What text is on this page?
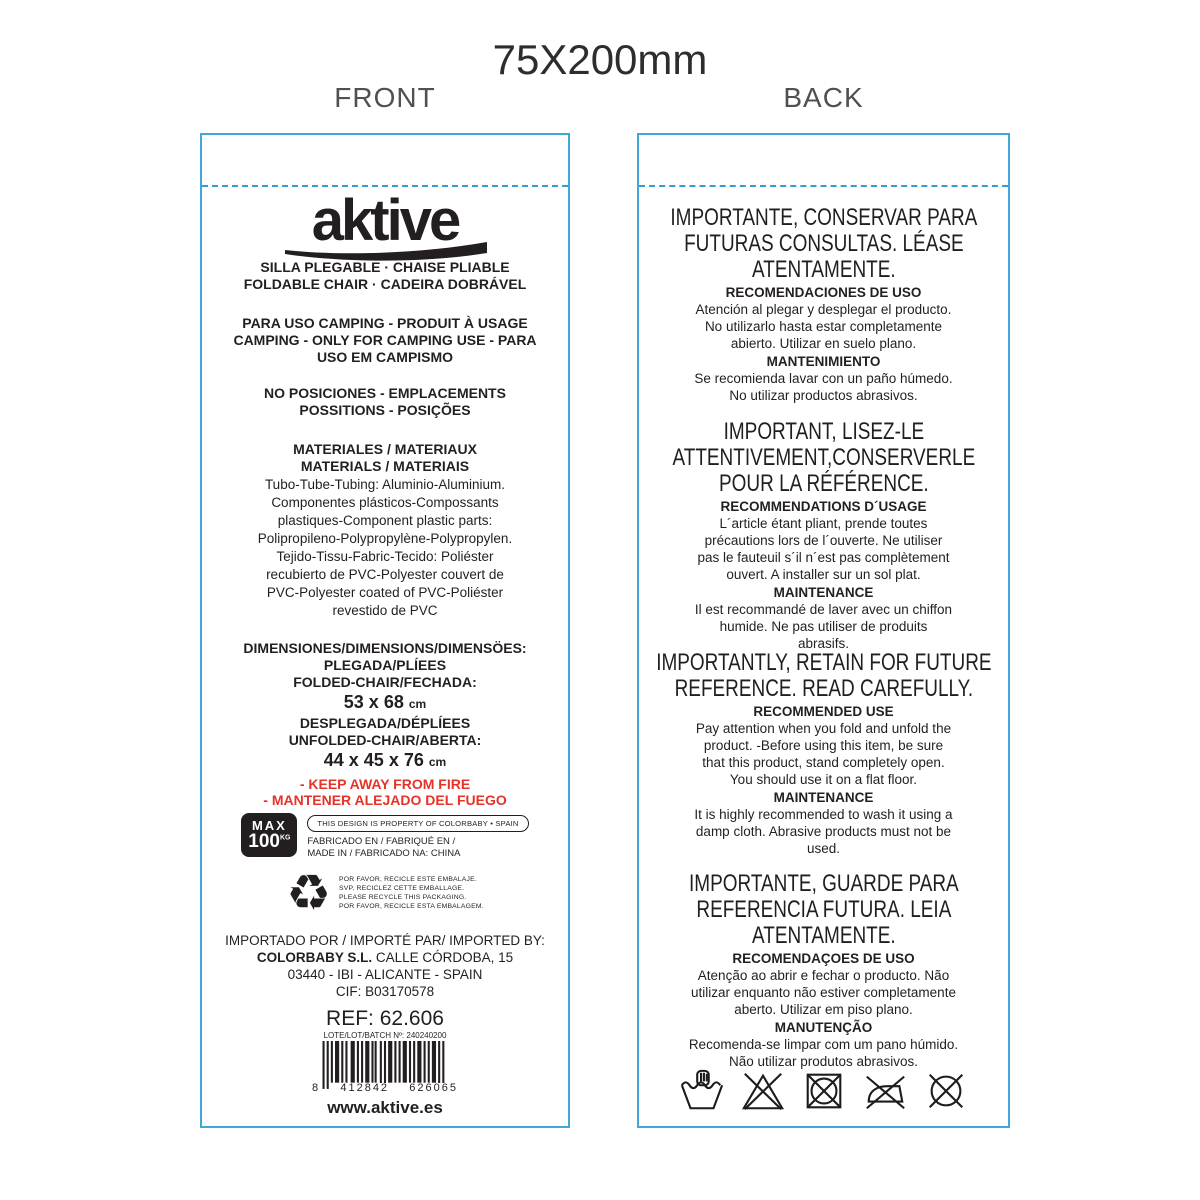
75X200mm
FRONT	BACK
aktive
SILLA PLEGABLE · CHAISE PLIABLE
FOLDABLE CHAIR · CADEIRA DOBRÁVEL
PARA USO CAMPING - PRODUIT À USAGE
CAMPING - ONLY FOR CAMPING USE - PARA
USO EM CAMPISMO
NO POSICIONES - EMPLACEMENTS
POSSITIONS - POSIÇÕES
MATERIALES / MATERIAUX
MATERIALS / MATERIAIS
Tubo-Tube-Tubing: Aluminio-Aluminium.
Componentes plásticos-Compossants
plastiques-Component plastic parts:
Polipropileno-Polypropylène-Polypropylen.
Tejido-Tissu-Fabric-Tecido: Poliéster
recubierto de PVC-Polyester couvert de
PVC-Polyester coated of PVC-Poliéster
revestido de PVC
DIMENSIONES/DIMENSIONS/DIMENSÖES:
PLEGADA/PLÍEES
FOLDED-CHAIR/FECHADA:
53 x 68 cm
DESPLEGADA/DÉPLÍEES
UNFOLDED-CHAIR/ABERTA:
44 x 45 x 76 cm
- KEEP AWAY FROM FIRE
- MANTENER ALEJADO DEL FUEGO
MAX
$100^{KG}$
THIS DESIGN IS PROPERTY OF COLORBABY • SPAIN
FABRICADO EN / FABRIQUÉ EN /
MADE IN / FABRICADO NA: CHINA
♻ POR FAVOR, RECICLE ESTE EMBALAJE.
SVP, RECICLEZ CETTE EMBALLAGE.
PLEASE RECYCLE THIS PACKAGING.
POR FAVOR, RECICLE ESTA EMBALAGEM.
IMPORTADO POR / IMPORTÉ PAR/ IMPORTED BY:
COLORBABY S.L. CALLE CÓRDOBA, 15
03440 - IBI - ALICANTE - SPAIN
CIF: B03170578
REF: 62.606
LOTE/LOT/BATCH Nº: 240240200
8 412842 626065
www.aktive.es
IMPORTANTE, CONSERVAR PARA
FUTURAS CONSULTAS. LÉASE
ATENTAMENTE.
RECOMENDACIONES DE USO
Atención al plegar y desplegar el producto.
No utilizarlo hasta estar completamente
abierto. Utilizar en suelo plano.
MANTENIMIENTO
Se recomienda lavar con un paño húmedo.
No utilizar productos abrasivos.
IMPORTANT, LISEZ-LE
ATTENTIVEMENT,CONSERVERLE
POUR LA RÉFÉRENCE.
RECOMMENDATIONS D´USAGE
L´article étant pliant, prende toutes
précautions lors de l´ouverte. Ne utiliser
pas le fauteuil s´il n´est pas complètement
ouvert. A installer sur un sol plat.
MAINTENANCE
Il est recommandé de laver avec un chiffon
humide. Ne pas utiliser de produits
abrasifs.
IMPORTANTLY, RETAIN FOR FUTURE
REFERENCE. READ CAREFULLY.
RECOMMENDED USE
Pay attention when you fold and unfold the
product. -Before using this item, be sure
that this product, stand completely open.
You should use it on a flat floor.
MAINTENANCE
It is highly recommended to wash it using a
damp cloth. Abrasive products must not be
used.
IMPORTANTE, GUARDE PARA
REFERENCIA FUTURA. LEIA
ATENTAMENTE.
RECOMENDAÇOES DE USO
Atenção ao abrir e fechar o producto. Não
utilizar enquanto não estiver completamente
aberto. Utilizar em piso plano.
MANUTENÇÃO
Recomenda-se limpar com um pano húmido.
Não utilizar produtos abrasivos.
